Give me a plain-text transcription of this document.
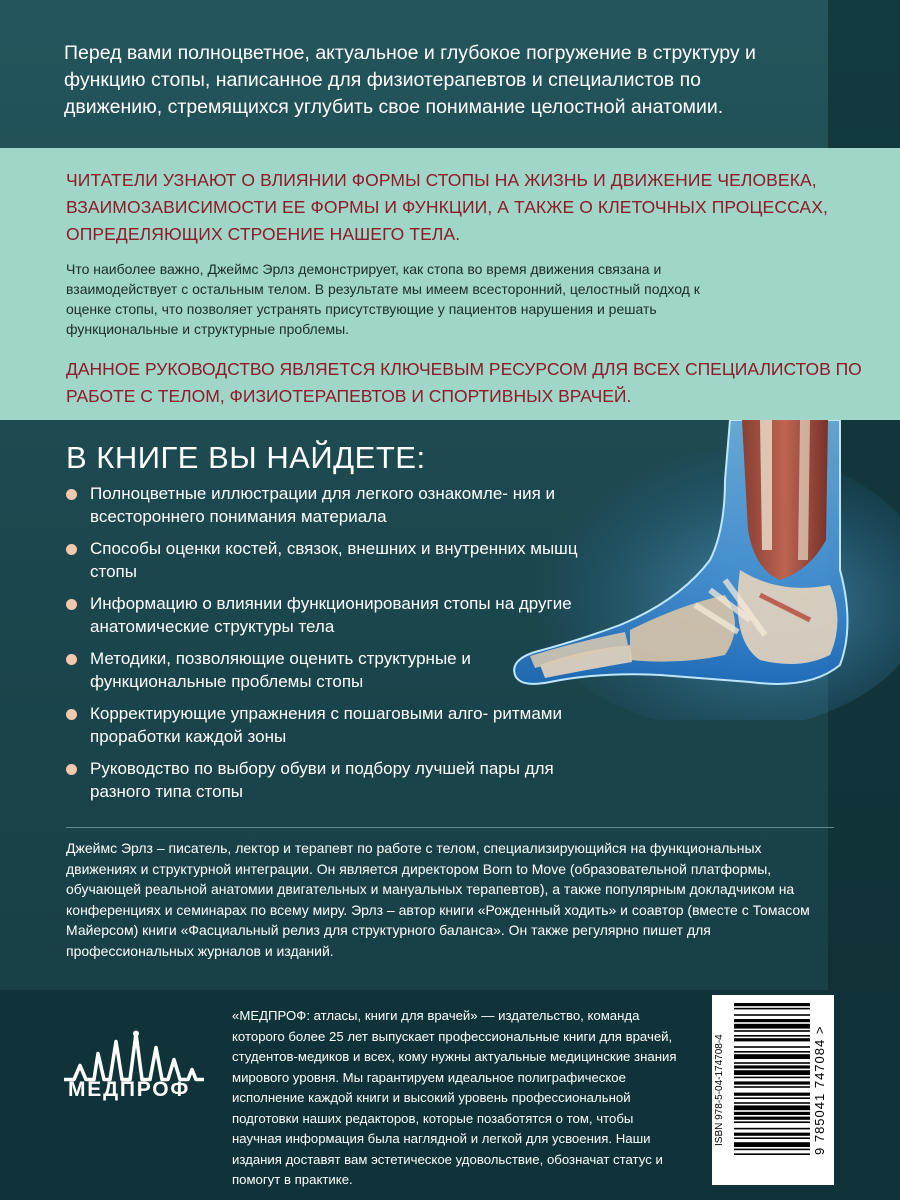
Перед вами полноцветное, актуальное и глубокое погружение в структуру и функцию стопы, написанное для физиотерапевтов и специалистов по движению, стремящихся углубить свое понимание целостной анатомии.

ЧИТАТЕЛИ УЗНАЮТ О ВЛИЯНИИ ФОРМЫ СТОПЫ НА ЖИЗНЬ И ДВИЖЕНИЕ ЧЕЛОВЕКА, ВЗАИМОЗАВИСИМОСТИ ЕЕ ФОРМЫ И ФУНКЦИИ, А ТАКЖЕ О КЛЕТОЧНЫХ ПРОЦЕССАХ, ОПРЕДЕЛЯЮЩИХ СТРОЕНИЕ НАШЕГО ТЕЛА.

Что наиболее важно, Джеймс Эрлз демонстрирует, как стопа во время движения связана и взаимодействует с остальным телом. В результате мы имеем всесторонний, целостный подход к оценке стопы, что позволяет устранять присутствующие у пациентов нарушения и решать функциональные и структурные проблемы.

ДАННОЕ РУКОВОДСТВО ЯВЛЯЕТСЯ КЛЮЧЕВЫМ РЕСУРСОМ ДЛЯ ВСЕХ СПЕЦИАЛИСТОВ ПО РАБОТЕ С ТЕЛОМ, ФИЗИОТЕРАПЕВТОВ И СПОРТИВНЫХ ВРАЧЕЙ.

В КНИГЕ ВЫ НАЙДЕТЕ:
Полноцветные иллюстрации для легкого ознакомле- ния и всестороннего понимания материала
Способы оценки костей, связок, внешних и внутренних мышц стопы
Информацию о влиянии функционирования стопы на другие анатомические структуры тела
Методики, позволяющие оценить структурные и функциональные проблемы стопы
Корректирующие упражнения с пошаговыми алго- ритмами проработки каждой зоны
Руководство по выбору обуви и подбору лучшей пары для разного типа стопы

Джеймс Эрлз – писатель, лектор и терапевт по работе с телом, специализирующийся на функциональных движениях и структурной интеграции. Он является директором Born to Move (образовательной платформы, обучающей реальной анатомии двигательных и мануальных терапевтов), а также популярным докладчиком на конференциях и семинарах по всему миру. Эрлз – автор книги «Рожденный ходить» и соавтор (вместе с Томасом Майерсом) книги «Фасциальный релиз для структурного баланса». Он также регулярно пишет для профессиональных журналов и изданий.

МЕДПРОФ

«МЕДПРОФ: атласы, книги для врачей» — издательство, команда которого более 25 лет выпускает профессиональные книги для врачей, студентов-медиков и всех, кому нужны актуальные медицинские знания мирового уровня. Мы гарантируем идеальное полиграфическое исполнение каждой книги и высокий уровень профессиональной подготовки наших редакторов, которые позаботятся о том, чтобы научная информация была наглядной и легкой для усвоения. Наши издания доставят вам эстетическое удовольствие, обозначат статус и помогут в практике.

ISBN 978-5-04-174708-4	9 785041 747084 >
